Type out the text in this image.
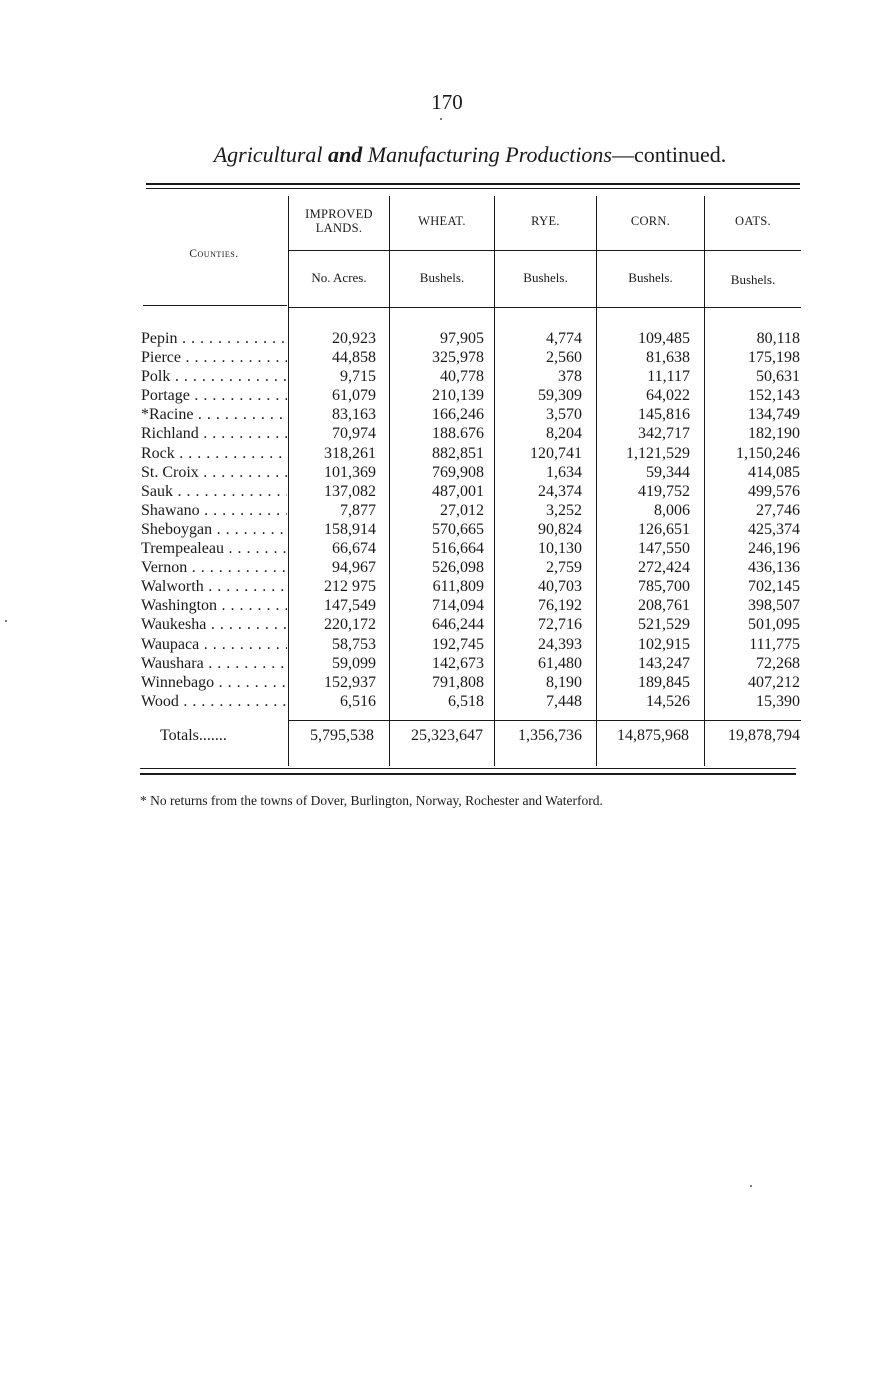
170
Agricultural and Manufacturing Productions—continued.
Counties.
IMPROVED LANDS.	WHEAT.	RYE.	CORN.	OATS.
No. Acres.	Bushels.	Bushels.	Bushels.	Bushels.
Pepin . . .	20,923	97,905	4,774	109,485	80,118
Pierce . . .	44,858	325,978	2,560	81,638	175,198
Polk . . .	9,715	40,778	378	11,117	50,631
Portage . . .	61,079	210,139	59,309	64,022	152,143
*Racine . . .	83,163	166,246	3,570	145,816	134,749
Richland . . .	70,974	188.676	8,204	342,717	182,190
Rock . . .	318,261	882,851	120,741	1,121,529	1,150,246
St. Croix . . .	101,369	769,908	1,634	59,344	414,085
Sauk . . .	137,082	487,001	24,374	419,752	499,576
Shawano . . .	7,877	27,012	3,252	8,006	27,746
Sheboygan . . .	158,914	570,665	90,824	126,651	425,374
Trempealeau . . .	66,674	516,664	10,130	147,550	246,196
Vernon . . .	94,967	526,098	2,759	272,424	436,136
Walworth . . .	212 975	611,809	40,703	785,700	702,145
Washington . . .	147,549	714,094	76,192	208,761	398,507
Waukesha . . .	220,172	646,244	72,716	521,529	501,095
Waupaca . . .	58,753	192,745	24,393	102,915	111,775
Waushara . . .	59,099	142,673	61,480	143,247	72,268
Winnebago . . .	152,937	791,808	8,190	189,845	407,212
Wood . . .	6,516	6,518	7,448	14,526	15,390
Totals.......	5,795,538 25,323,647 1,356,736 14,875,968 19,878,794
* No returns from the towns of Dover, Burlington, Norway, Rochester and Waterford.
